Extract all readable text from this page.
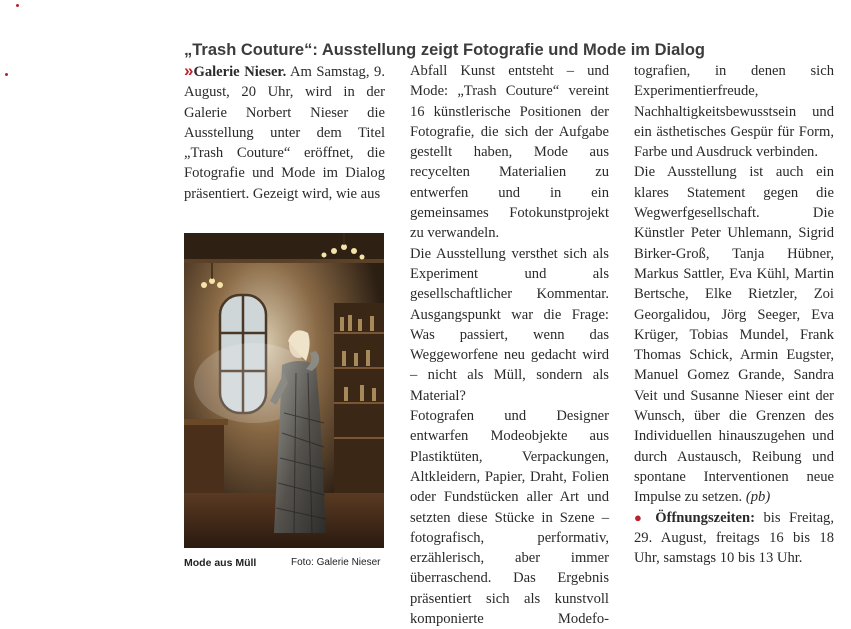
„Trash Couture“: Ausstellung zeigt Fotografie und Mode im Dialog

»Galerie Nieser. Am Samstag, 9. August, 20 Uhr, wird in der Galerie Norbert Nieser die Ausstellung unter dem Titel „Trash Couture“ eröffnet, die Fotografie und Mode im Dialog präsentiert. Gezeigt wird, wie aus

Mode aus Müll	Foto: Galerie Nieser

Abfall Kunst entsteht – und Mode: „Trash Couture“ vereint 16 künstlerische Positionen der Fotografie, die sich der Aufgabe gestellt haben, Mode aus recycelten Materialien zu entwerfen und in ein gemeinsames Fotokunstprojekt zu verwandeln.

Die Ausstellung versthet sich als Experiment und als gesellschaftlicher Kommentar. Ausgangspunkt war die Frage: Was passiert, wenn das Weggeworfene neu gedacht wird – nicht als Müll, sondern als Material?

Fotografen und Designer entwarfen Modeobjekte aus Plastiktüten, Verpackungen, Altkleidern, Papier, Draht, Folien oder Fundstücken aller Art und setzten diese Stücke in Szene – fotografisch, performativ, erzählerisch, aber immer überraschend. Das Ergebnis präsentiert sich als kunstvoll komponierte Modefo-

tografien, in denen sich Experimentierfreude, Nachhaltigkeitsbewusstsein und ein ästhetisches Gespür für Form, Farbe und Ausdruck verbinden.

Die Ausstellung ist auch ein klares Statement gegen die Wegwerfgesellschaft. Die Künstler Peter Uhlemann, Sigrid Birker-Groß, Tanja Hübner, Markus Sattler, Eva Kühl, Martin Bertsche, Elke Rietzler, Zoi Georgalidou, Jörg Seeger, Eva Krüger, Tobias Mundel, Frank Thomas Schick, Armin Eugster, Manuel Gomez Grande, Sandra Veit und Susanne Nieser eint der Wunsch, über die Grenzen des Individuellen hinauszugehen und durch Austausch, Reibung und spontane Interventionen neue Impulse zu setzen. (pb)

● Öffnungszeiten: bis Freitag, 29. August, freitags 16 bis 18 Uhr, samstags 10 bis 13 Uhr.
